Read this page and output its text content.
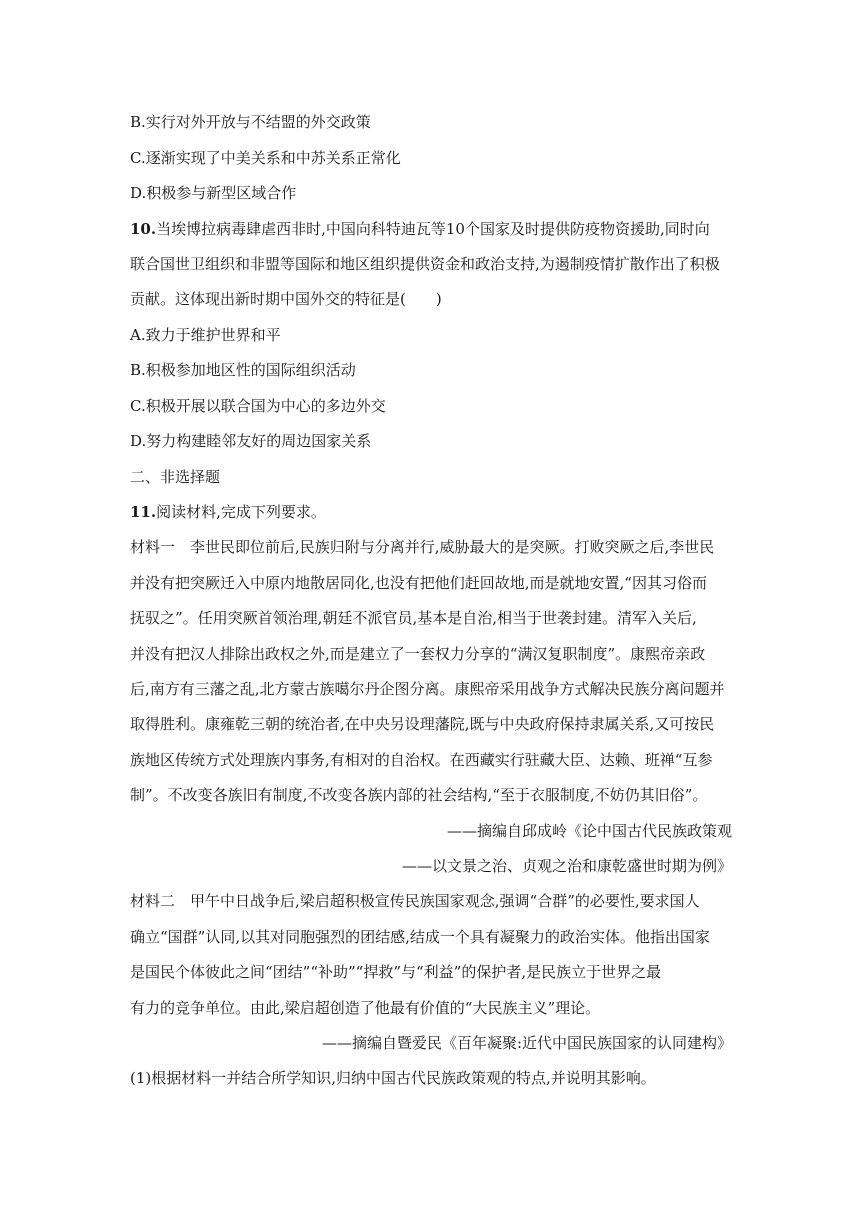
B.实行对外开放与不结盟的外交政策
C.逐渐实现了中美关系和中苏关系正常化
D.积极参与新型区域合作
10.当埃博拉病毒肆虐西非时,中国向科特迪瓦等10个国家及时提供防疫物资援助,同时向
联合国世卫组织和非盟等国际和地区组织提供资金和政治支持,为遏制疫情扩散作出了积极
贡献。这体现出新时期中国外交的特征是(　　)
A.致力于维护世界和平
B.积极参加地区性的国际组织活动
C.积极开展以联合国为中心的多边外交
D.努力构建睦邻友好的周边国家关系
二、非选择题
11.阅读材料,完成下列要求。
材料一　李世民即位前后,民族归附与分离并行,威胁最大的是突厥。打败突厥之后,李世民
并没有把突厥迁入中原内地散居同化,也没有把他们赶回故地,而是就地安置,“因其习俗而
抚驭之”。任用突厥首领治理,朝廷不派官员,基本是自治,相当于世袭封建。清军入关后,
并没有把汉人排除出政权之外,而是建立了一套权力分享的“满汉复职制度”。康熙帝亲政
后,南方有三藩之乱,北方蒙古族噶尔丹企图分离。康熙帝采用战争方式解决民族分离问题并
取得胜利。康雍乾三朝的统治者,在中央另设理藩院,既与中央政府保持隶属关系,又可按民
族地区传统方式处理族内事务,有相对的自治权。在西藏实行驻藏大臣、达赖、班禅“互参
制”。不改变各族旧有制度,不改变各族内部的社会结构,“至于衣服制度,不妨仍其旧俗”。
——摘编自邱成岭《论中国古代民族政策观
——以文景之治、贞观之治和康乾盛世时期为例》
材料二　甲午中日战争后,梁启超积极宣传民族国家观念,强调“合群”的必要性,要求国人
确立“国群”认同,以其对同胞强烈的团结感,结成一个具有凝聚力的政治实体。他指出国家
是国民个体彼此之间“团结”“补助”“捍救”与“利益”的保护者,是民族立于世界之最
有力的竞争单位。由此,梁启超创造了他最有价值的“大民族主义”理论。
——摘编自暨爱民《百年凝聚:近代中国民族国家的认同建构》
(1)根据材料一并结合所学知识,归纳中国古代民族政策观的特点,并说明其影响。
